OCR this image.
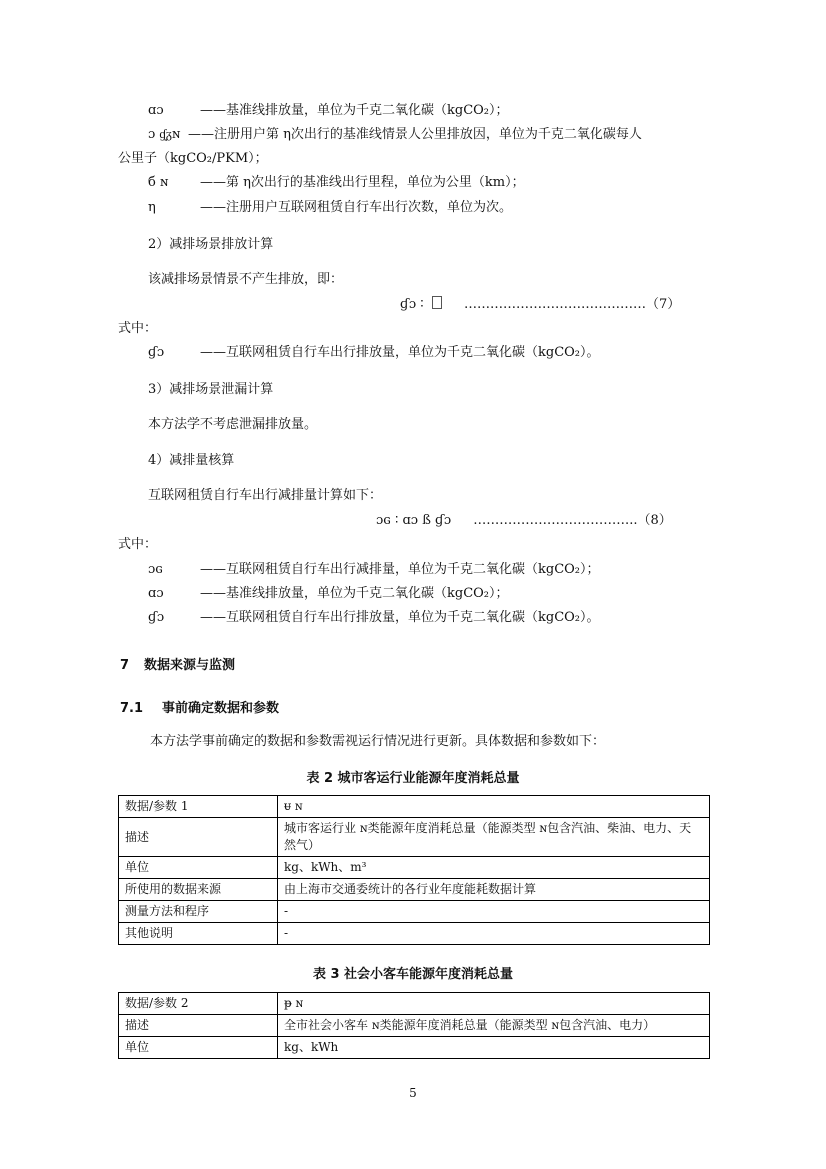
ɑɔ	——基准线排放量，单位为千克二氧化碳（kgCO₂）；
ɔ ɠ͈ᵹɴ ——注册用户第 η次出行的基准线情景人公里排放因，单位为千克二氧化碳每人
公里子（kgCO₂/PKM）；
б ɴ ——第 η次出行的基准线出行里程，单位为公里（km）；
η	——注册用户互联网租赁自行车出行次数，单位为次。
2）减排场景排放计算
该减排场景情景不产生排放，即：
ɠɔ ∶	……………………………………（7）
式中：
ɠɔ	——互联网租赁自行车出行排放量，单位为千克二氧化碳（kgCO₂）。
3）减排场景泄漏计算
本方法学不考虑泄漏排放量。
4）减排量核算
互联网租赁自行车出行减排量计算如下：
ɔɢ ∶ ɑɔ ß ɠɔ ………………………………..（8）
式中：
ɔɢ	——互联网租赁自行车出行减排量，单位为千克二氧化碳（kgCO₂）；
ɑɔ	——基准线排放量，单位为千克二氧化碳（kgCO₂）；
ɠɔ	——互联网租赁自行车出行排放量，单位为千克二氧化碳（kgCO₂）。
7 数据来源与监测
7.1 事前确定数据和参数
本方法学事前确定的数据和参数需视运行情况进行更新。具体数据和参数如下：
表 2 城市客运行业能源年度消耗总量
数据/参数 1	ᵾ ɴ
描述	城市客运行业 ɴ类能源年度消耗总量（能源类型 ɴ包含汽油、柴油、电力、天
然气）

单位	kg、kWh、m³
所使用的数据来源	由上海市交通委统计的各行业年度能耗数据计算
测量方法和程序	-
其他说明	-
表 3 社会小客车能源年度消耗总量
数据/参数 2	ᵽ ɴ
描述	全市社会小客车 ɴ类能源年度消耗总量（能源类型 ɴ包含汽油、电力）
单位	kg、kWh
5
